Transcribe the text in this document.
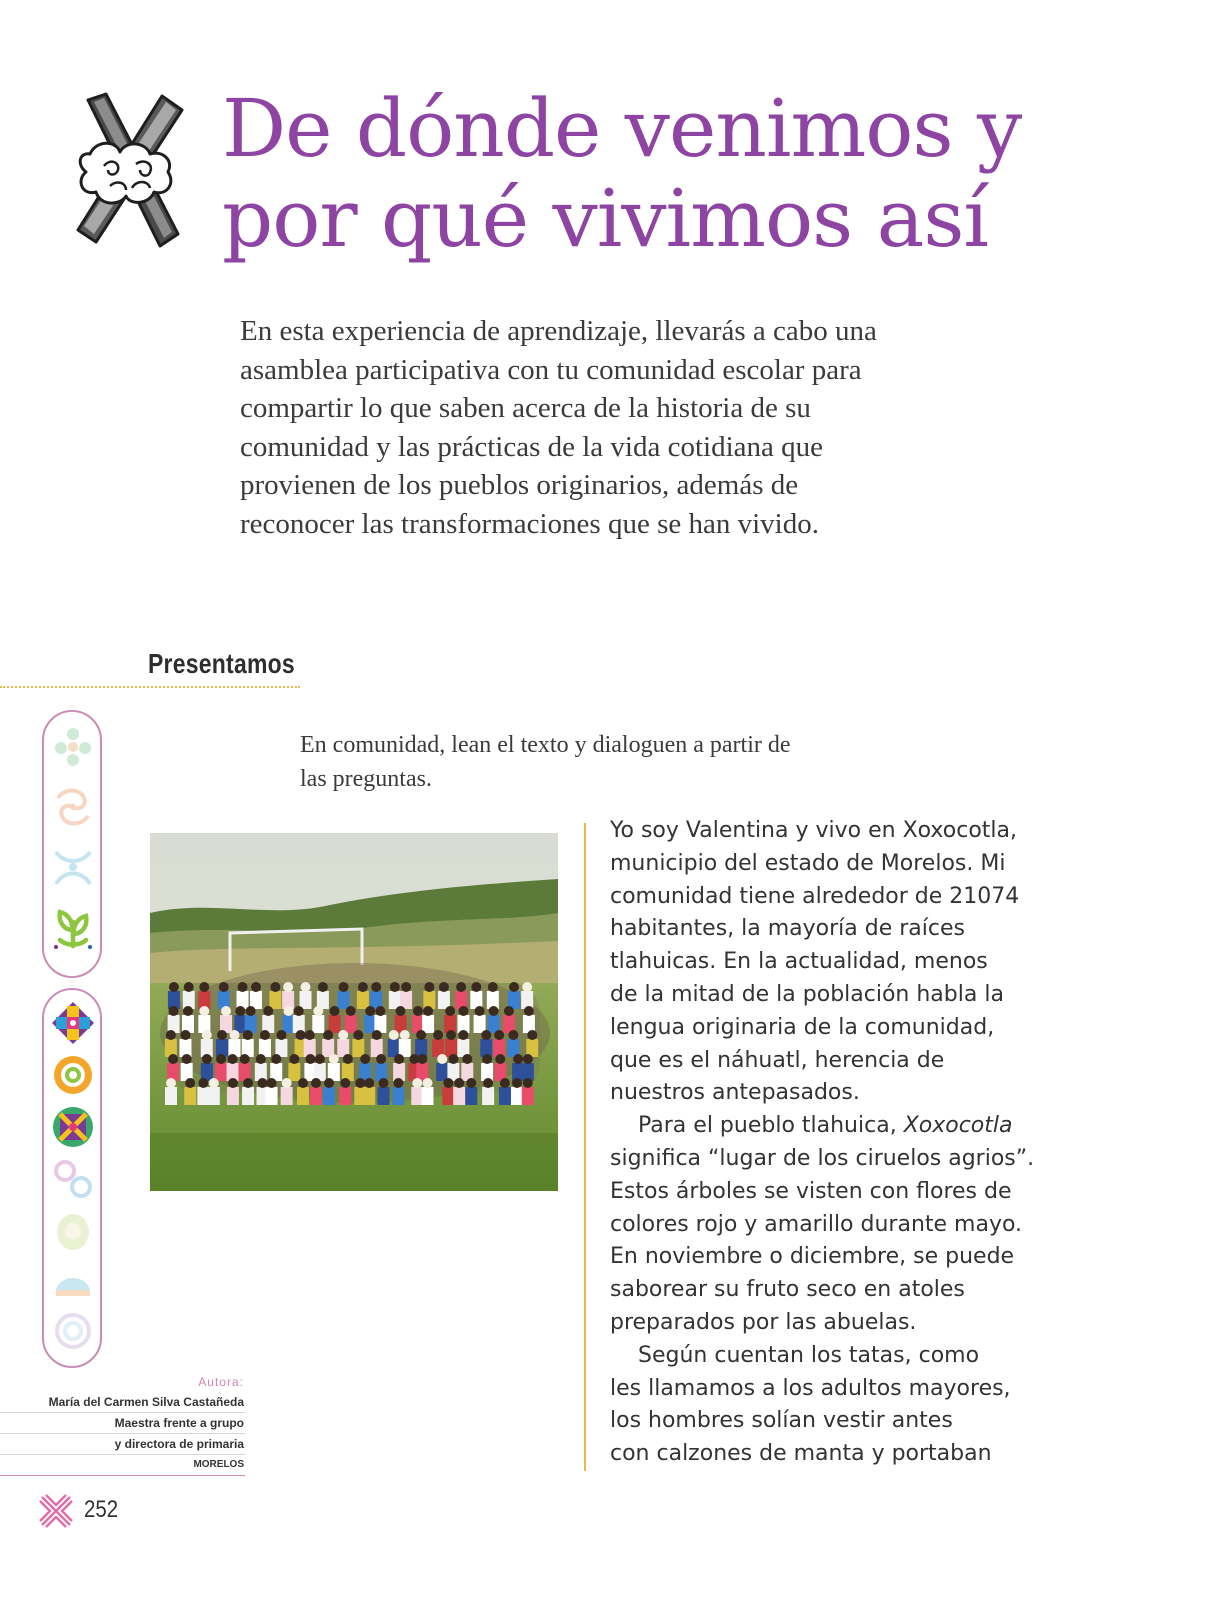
De dónde venimos y
por qué vivimos así

En esta experiencia de aprendizaje, llevarás a cabo una asamblea participativa con tu comunidad escolar para compartir lo que saben acerca de la historia de su comunidad y las prácticas de la vida cotidiana que provienen de los pueblos originarios, además de reconocer las transformaciones que se han vivido.

Presentamos

En comunidad, lean el texto y dialoguen a partir de las preguntas.

Yo soy Valentina y vivo en Xoxocotla,

municipio del estado de Morelos. Mi

comunidad tiene alrededor de 21074

habitantes, la mayoría de raíces

tlahuicas. En la actualidad, menos

de la mitad de la población habla la

lengua originaria de la comunidad,

que es el náhuatl, herencia de

nuestros antepasados.

Para el pueblo tlahuica, Xoxocotla

significa “lugar de los ciruelos agrios”.

Estos árboles se visten con flores de

colores rojo y amarillo durante mayo.

En noviembre o diciembre, se puede

saborear su fruto seco en atoles

preparados por las abuelas.

Según cuentan los tatas, como

les llamamos a los adultos mayores,

los hombres solían vestir antes

con calzones de manta y portaban

Autora:
María del Carmen Silva Castañeda
Maestra frente a grupo
y directora de primaria
MORELOS

252
